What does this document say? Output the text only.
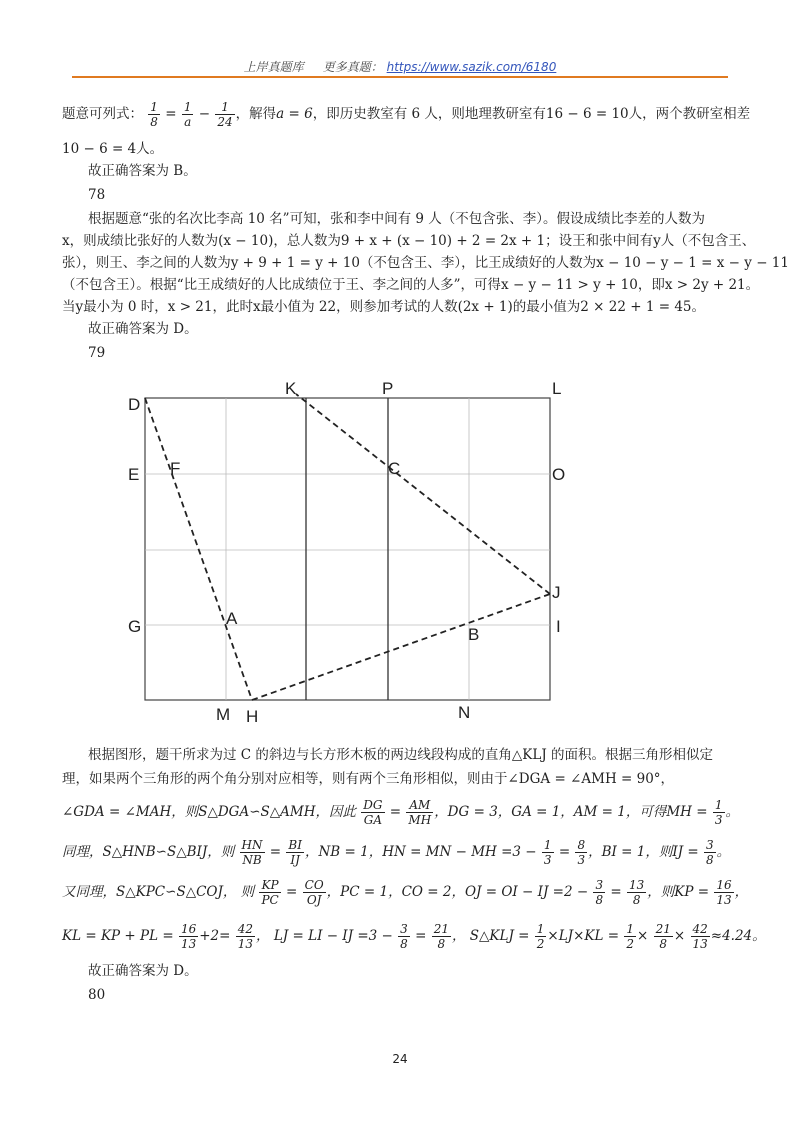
上岸真题库 更多真题： https://www.sazik.com/6180
题意可列式： $\frac{1}{8} = \frac{1}{a} - \frac{1}{24}$ ，解得a = 6，即历史教室有 6 人，则地理教研室有16 − 6 = 10人，两个教研室相差
10 − 6 = 4人。
故正确答案为 B。
78
根据题意“张的名次比李高 10 名”可知，张和李中间有 9 人（不包含张、李）。假设成绩比李差的人数为
x，则成绩比张好的人数为(x − 10)，总人数为9 + x + (x − 10) + 2 = 2x + 1；设王和张中间有y人（不包含王、
张），则王、李之间的人数为y + 9 + 1 = y + 10（不包含王、李），比王成绩好的人数为x − 10 − y − 1 = x − y − 11
（不包含王）。根据“比王成绩好的人比成绩位于王、李之间的人多”，可得x − y − 11 > y + 10，即x > 2y + 21。
当y最小为 0 时，x > 21，此时x最小值为 22，则参加考试的人数(2x + 1)的最小值为2 × 22 + 1 = 45。
故正确答案为 D。
79
D
K	P	L
E F	C	O
G	A
B	I
J
M H	N
根据图形，题干所求为过 C 的斜边与长方形木板的两边线段构成的直角△KLJ 的面积。根据三角形相似定
理，如果两个三角形的两个角分别对应相等，则有两个三角形相似，则由于∠DGA = ∠AMH = 90°，
∠GDA = ∠MAH，则S△DGA∽S△AMH，因此 $\frac{DG}{GA} = \frac{AM}{MH}$ ，DG = 3，GA = 1，AM = 1，可得MH = $\frac{1}{3}$ 。
同理，S△HNB∽S△BIJ，则 $\frac{HN}{NB} = \frac{BI}{IJ}$ ，NB = 1，HN = MN − MH $=3 - \frac{1}{3} = \frac{8}{3}$ ，BI = 1，则IJ = $\frac{3}{8}$ 。
又同理，S△KPC∽S△COJ， 则 $\frac{KP}{PC} = \frac{CO}{OJ}$ ，PC = 1，CO = 2，OJ = OI − IJ $=2 - \frac{3}{8} = \frac{13}{8}$ ，则KP = $\frac{16}{13}$ ，
KL = KP + PL = $\frac{16}{13} +2= \frac{42}{13}$ ， LJ = LI − IJ $=3 - \frac{3}{8} = \frac{21}{8}$ ， S△KLJ = $\frac{1}{2} \times LJ\times KL = \frac{1}{2} \times \frac{21}{8} \times \frac{42}{13} \approx 4.24$。
故正确答案为 D。
80
24
